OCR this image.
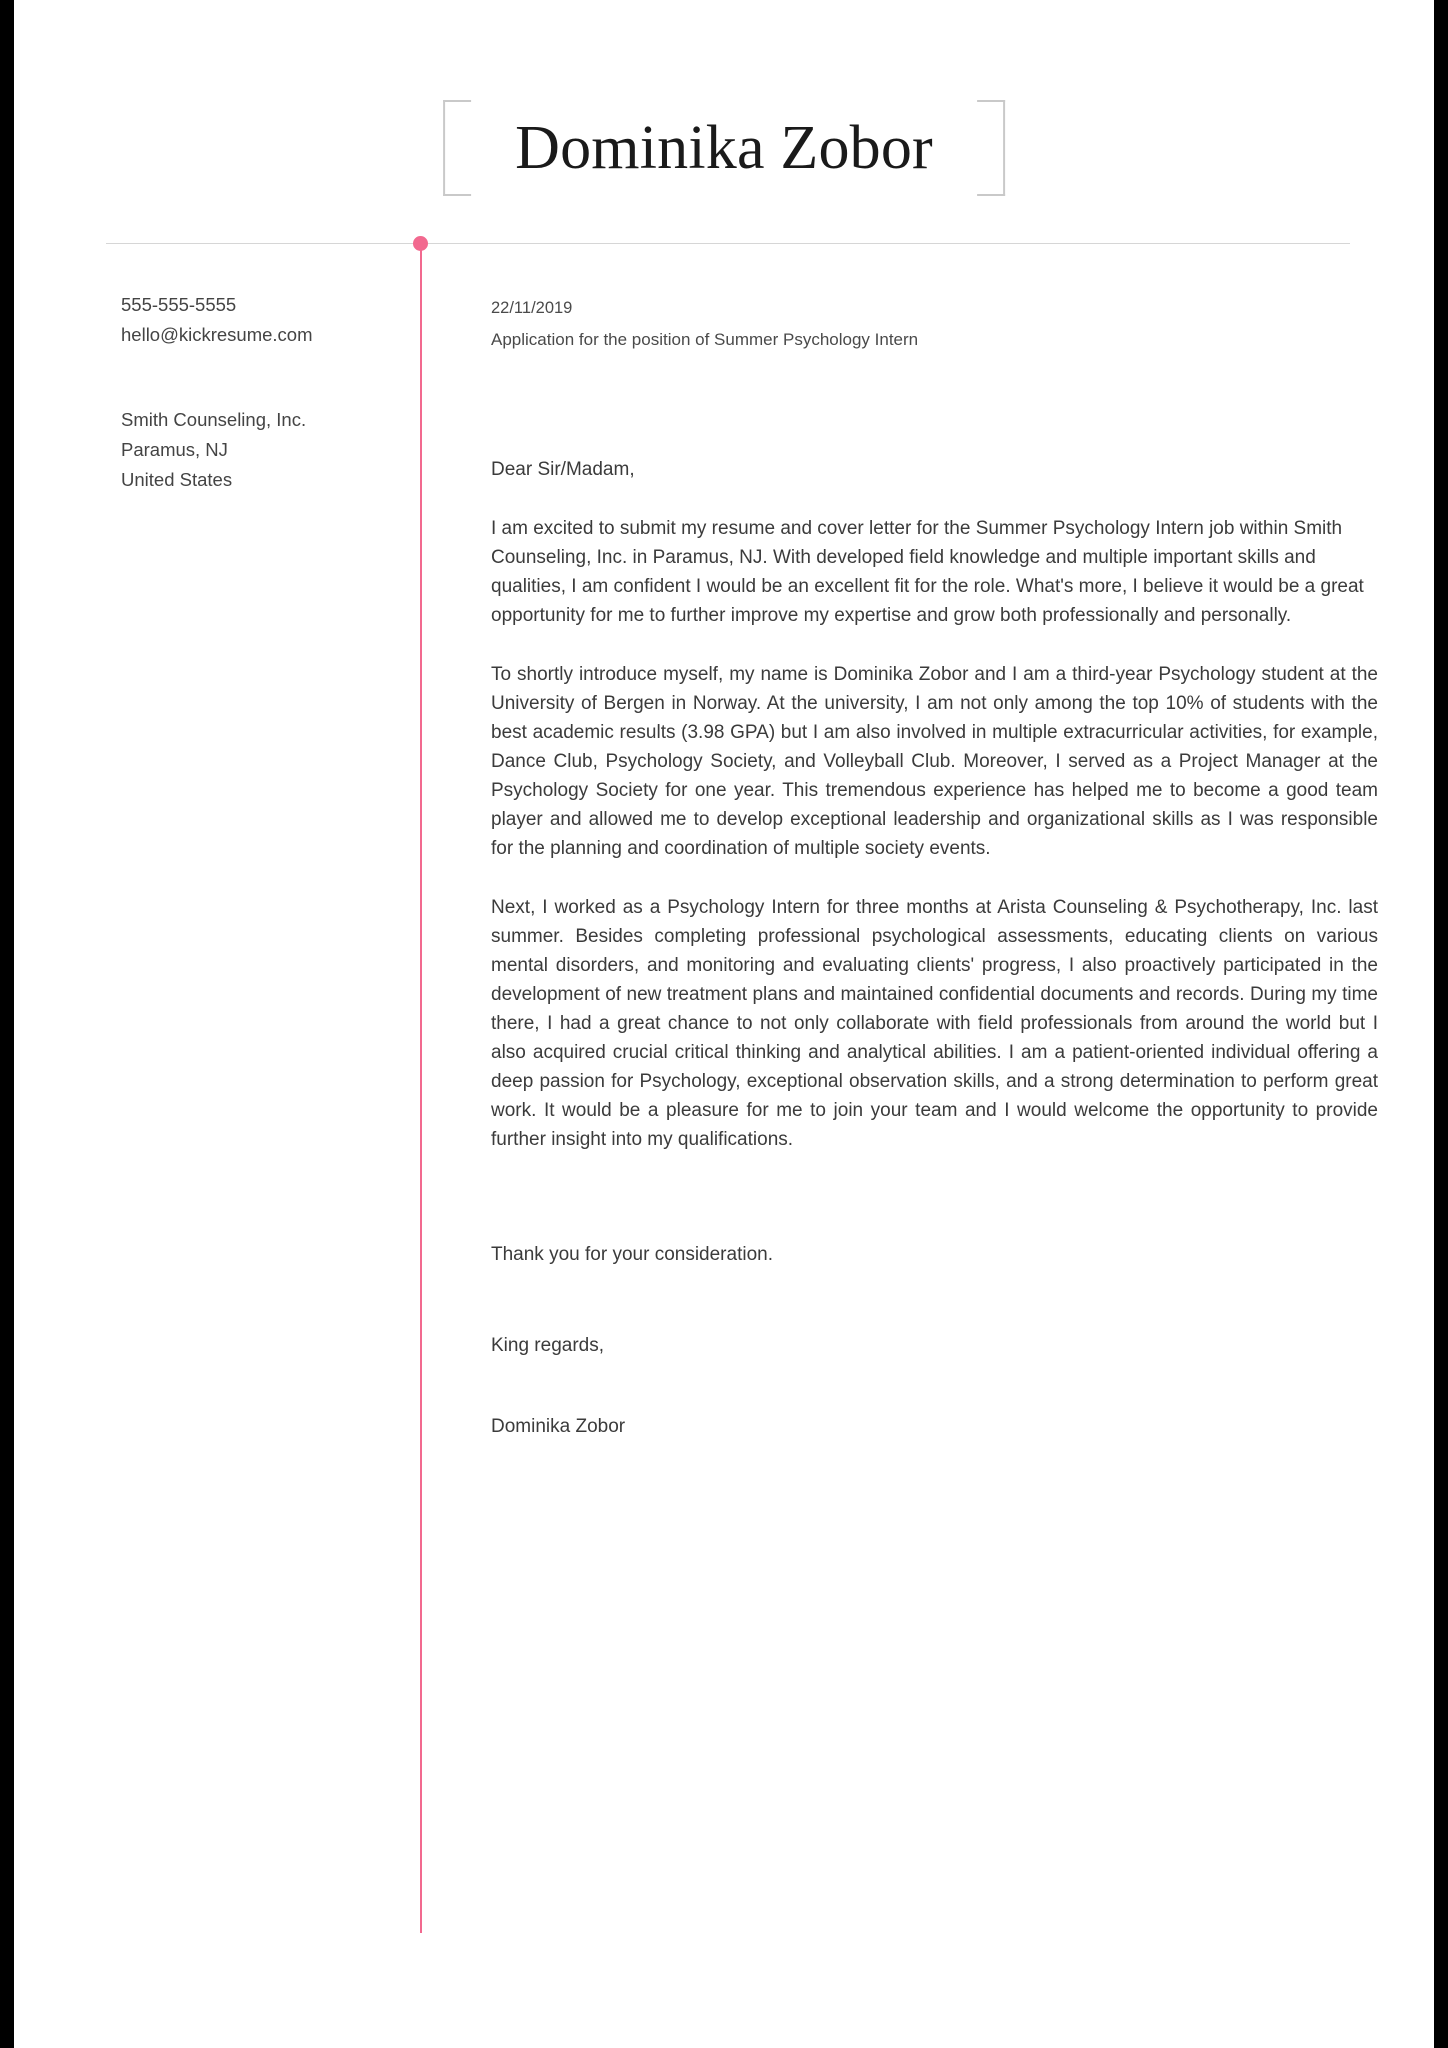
Dominika Zobor
555-555-5555
hello@kickresume.com
Smith Counseling, Inc.
Paramus, NJ
United States
22/11/2019
Application for the position of Summer Psychology Intern
Dear Sir/Madam,

I am excited to submit my resume and cover letter for the Summer Psychology Intern job within Smith Counseling, Inc. in Paramus, NJ. With developed field knowledge and multiple important skills and qualities, I am confident I would be an excellent fit for the role. What's more, I believe it would be a great opportunity for me to further improve my expertise and grow both professionally and personally.

To shortly introduce myself, my name is Dominika Zobor and I am a third-year Psychology student at the University of Bergen in Norway. At the university, I am not only among the top 10% of students with the best academic results (3.98 GPA) but I am also involved in multiple extracurricular activities, for example, Dance Club, Psychology Society, and Volleyball Club. Moreover, I served as a Project Manager at the Psychology Society for one year. This tremendous experience has helped me to become a good team player and allowed me to develop exceptional leadership and organizational skills as I was responsible for the planning and coordination of multiple society events.

Next, I worked as a Psychology Intern for three months at Arista Counseling & Psychotherapy, Inc. last summer. Besides completing professional psychological assessments, educating clients on various mental disorders, and monitoring and evaluating clients' progress, I also proactively participated in the development of new treatment plans and maintained confidential documents and records. During my time there, I had a great chance to not only collaborate with field professionals from around the world but I also acquired crucial critical thinking and analytical abilities. I am a patient-oriented individual offering a deep passion for Psychology, exceptional observation skills, and a strong determination to perform great work. It would be a pleasure for me to join your team and I would welcome the opportunity to provide further insight into my qualifications.

Thank you for your consideration.
King regards,
Dominika Zobor
